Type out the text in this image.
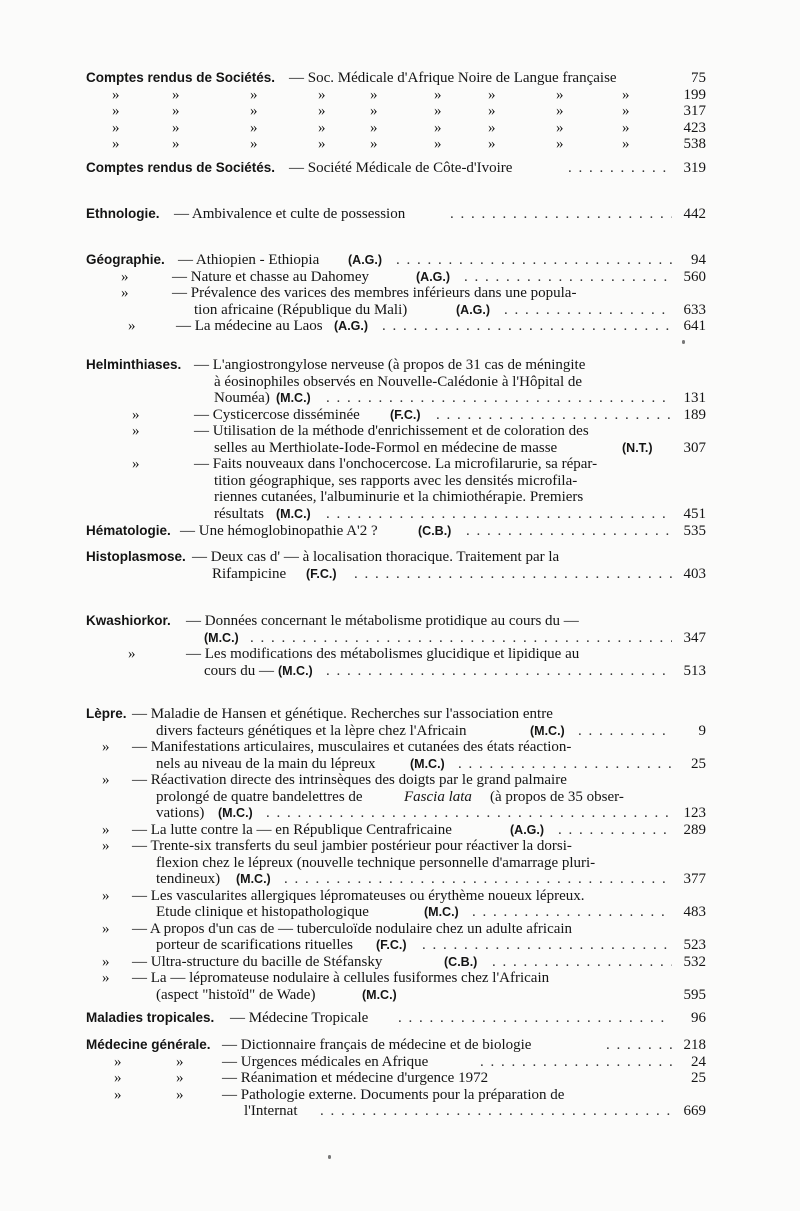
Comptes rendus de Sociétés. — Soc. Médicale d'Afrique Noire de Langue française	75
»	»	»	»	»	»	»	»	»	199
»	»	»	»	»	»	»	»	»	317
»	»	»	»	»	»	»	»	»	423
»	»	»	»	»	»	»	»	»	538
Comptes rendus de Sociétés. — Société Médicale de Côte-d'Ivoire . . .	319
Ethnologie. — Ambivalence et culte de possession . . .	442
Géographie. — Athiopien - Ethiopia (A.G.) . . .	94
»	— Nature et chasse au Dahomey	(A.G.) . . .	560
»	— Prévalence des varices des membres inférieurs dans une popula-
tion africaine (République du Mali)	(A.G.) . . .	633
»	— La médecine au Laos (A.G.) . . .	641
Helminthiases. — L'angiostrongylose nerveuse (à propos de 31 cas de méningite
à éosinophiles observés en Nouvelle-Calédonie à l'Hôpital de
Nouméa) (M.C.) . . .	131
»	— Cysticercose disséminée (F.C.) . . .	189
»	— Utilisation de la méthode d'enrichissement et de coloration des
selles au Merthiolate-Iode-Formol en médecine de masse	(N.T.) 307
»	— Faits nouveaux dans l'onchocercose. La microfilarurie, sa répar-
tition géographique, ses rapports avec les densités microfila-
riennes cutanées, l'albuminurie et la chimiothérapie. Premiers
résultats (M.C.) . . .	451
Hématologie. — Une hémoglobinopathie A'2 ?	(C.B.) . . .	535
Histoplasmose. — Deux cas d' — à localisation thoracique. Traitement par la
Rifampicine (F.C.) . . .	403
Kwashiorkor. — Données concernant le métabolisme protidique au cours du —
(M.C.) . . .	347
»	— Les modifications des métabolismes glucidique et lipidique au
cours du — (M.C.) . . .	513
Lèpre. — Maladie de Hansen et génétique. Recherches sur l'association entre
divers facteurs génétiques et la lèpre chez l'Africain	(M.C.) . . .	9
» — Manifestations articulaires, musculaires et cutanées des états réaction-
nels au niveau de la main du lépreux	(M.C.) . . .	25
» — Réactivation directe des intrinsèques des doigts par le grand palmaire
prolongé de quatre bandelettres de	Fascia lata (à propos de 35 obser-
vations) (M.C.) . . .	123
» — La lutte contre la — en République Centrafricaine	(A.G.) . . .	289
» — Trente-six transferts du seul jambier postérieur pour réactiver la dorsi-
flexion chez le lépreux (nouvelle technique personnelle d'amarrage pluri-
tendineux) (M.C.) . . .	377
» — Les vascularites allergiques lépromateuses ou érythème noueux lépreux.
Etude clinique et histopathologique	(M.C.) . . .	483
» — A propos d'un cas de — tuberculoïde nodulaire chez un adulte africain
porteur de scarifications rituelles (F.C.) . . .	523
» — Ultra-structure du bacille de Stéfansky	(C.B.) . . .	532
» — La — lépromateuse nodulaire à cellules fusiformes chez l'Africain
(aspect "histoïd" de Wade)	(M.C.)	595
Maladies tropicales. — Médecine Tropicale . . .	96
Médecine générale. — Dictionnaire français de médecine et de biologie . . .	218
»	»	— Urgences médicales en Afrique . . .	24
»	»	— Réanimation et médecine d'urgence 1972	25
»	»	— Pathologie externe. Documents pour la préparation de
l'Internat . . .	669
